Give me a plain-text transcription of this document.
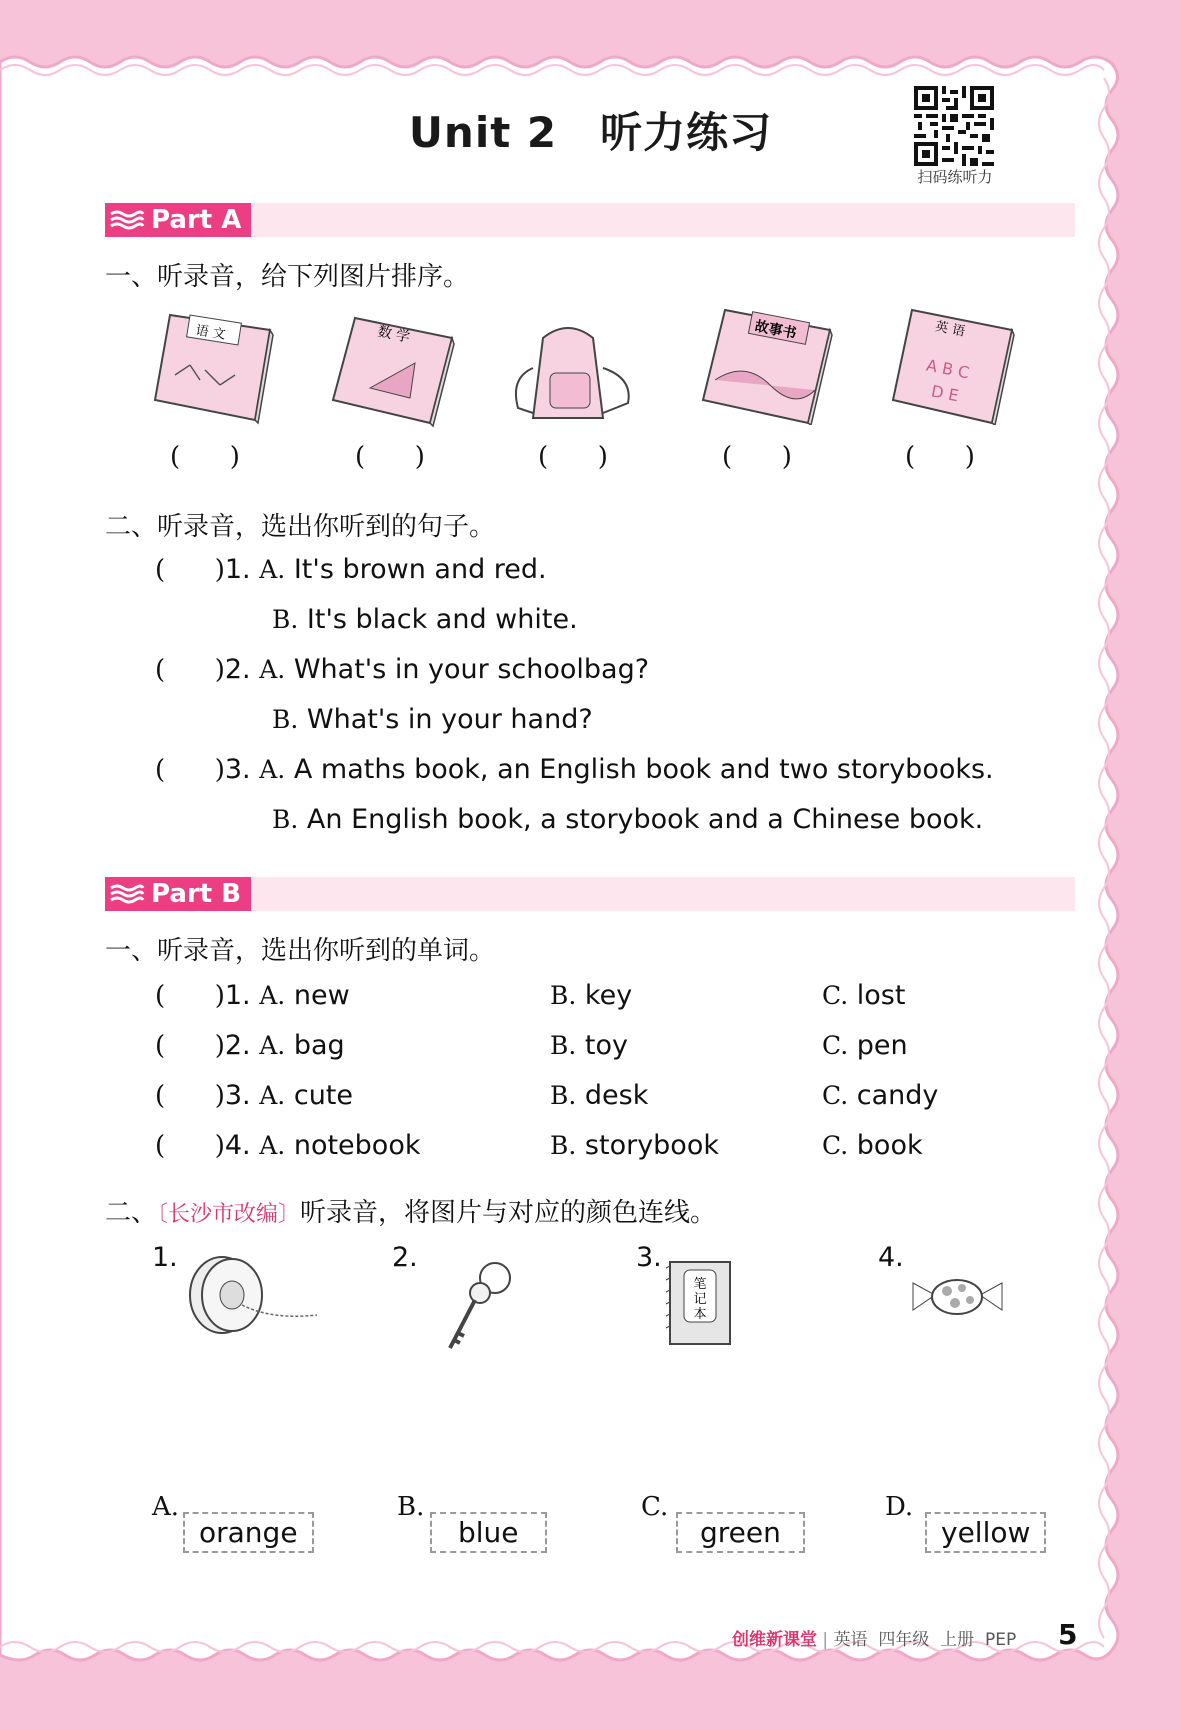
Unit 2　听力练习
扫码练听力
Part A
一、听录音，给下列图片排序。
语 文	数 学	故事书	英 语
A B C
D E
(      )	(      )	(      )	(      )	(      )
二、听录音，选出你听到的句子。
(      )1. A. It's brown and red.
B. It's black and white.
(      )2. A. What's in your schoolbag?
B. What's in your hand?
(      )3. A. A maths book, an English book and two storybooks.
B. An English book, a storybook and a Chinese book.
Part B
一、听录音，选出你听到的单词。
(      )1. A. new	B. key	C. lost
(      )2. A. bag	B. toy	C. pen
(      )3. A. cute	B. desk	C. candy
(      )4. A. notebook	B. storybook	C. book
二、〔长沙市改编〕听录音，将图片与对应的颜色连线。
1.	2.	3.
笔
记
本
4.
A.
orange
B.
blue
C.
green
D.
yellow
创维新课堂 | 英语 四年级 上册 PEP	5
